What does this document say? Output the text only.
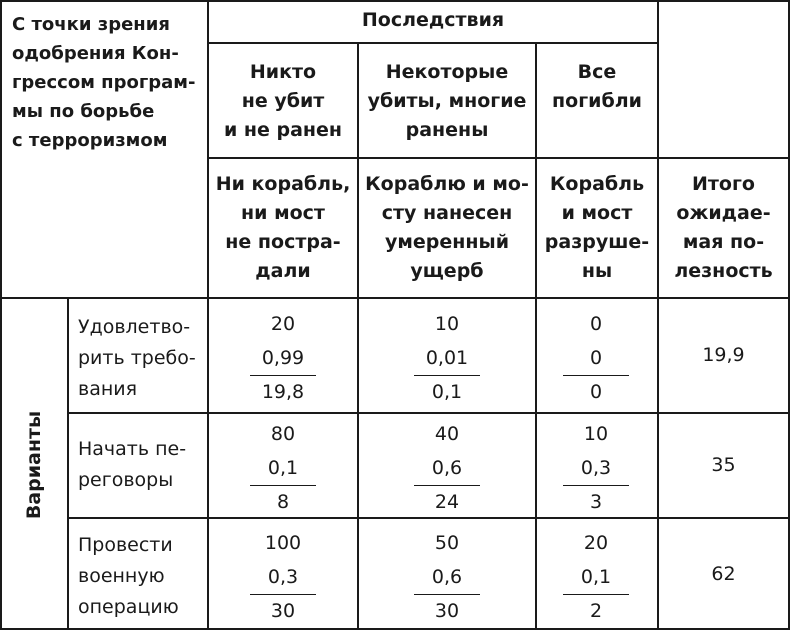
С точки зрения
одобрения Кон-
грессом програм-
мы по борьбе
с терроризмом
Последствия
Никто
не убит
и не ранен
Некоторые
убиты, многие
ранены
Все
погибли
Ни корабль,
ни мост
не постра-
дали
Кораблю и мо-
сту нанесен
умеренный
ущерб
Корабль
и мост
разруше-
ны
Итого
ожидае-
мая по-
лезность
Варианты
Удовлетво-
рить требо-
вания
20
0,99
19,8
10
0,01
0,1
0
0
0
19,9
Начать пе-
реговоры
80
0,1
8
40
0,6
24
10
0,3
3
35
Провести
военную
операцию
100
0,3
30
50
0,6
30
20
0,1
2
62
